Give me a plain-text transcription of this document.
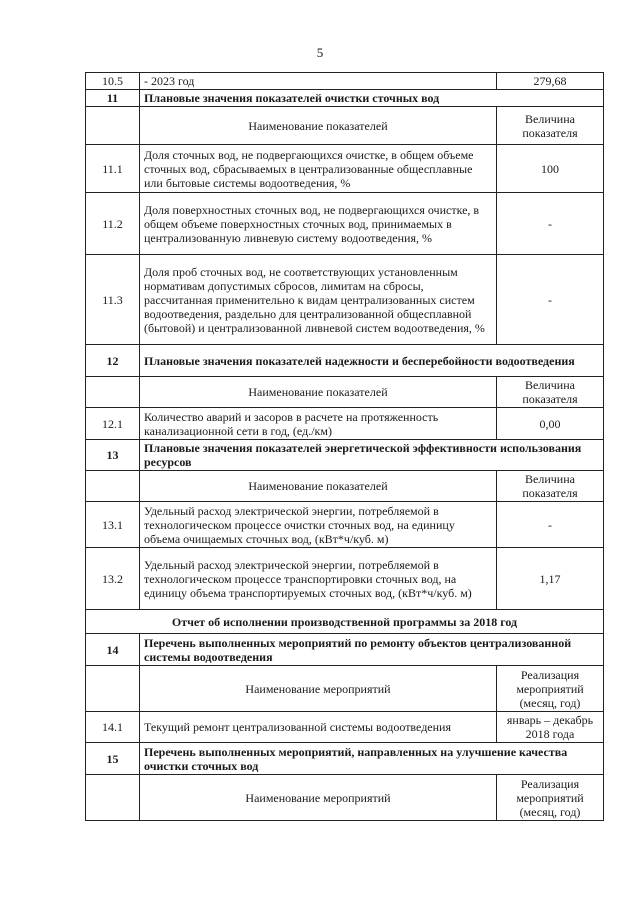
5
10.5	- 2023 год	279,68
11	Плановые значения показателей очистки сточных вод	
	Наименование показателей	Величина показателя
11.1	Доля сточных вод, не подвергающихся очистке, в общем объеме сточных вод, сбрасываемых в централизованные общесплавные или бытовые системы водоотведения, %	100
11.2	Доля поверхностных сточных вод, не подвергающихся очистке, в общем объеме поверхностных сточных вод, принимаемых в централизованную ливневую систему водоотведения, %	-
11.3	Доля проб сточных вод, не соответствующих установленным нормативам допустимых сбросов, лимитам на сбросы, рассчитанная применительно к видам централизованных систем водоотведения, раздельно для централизованной общесплавной (бытовой) и централизованной ливневой систем водоотведения, %	-
12	Плановые значения показателей надежности и бесперебойности водоотведения	
	Наименование показателей	Величина показателя
12.1	Количество аварий и засоров в расчете на протяженность канализационной сети в год, (ед./км)	0,00
13	Плановые значения показателей энергетической эффективности использования ресурсов	
	Наименование показателей	Величина показателя
13.1	Удельный расход электрической энергии, потребляемой в технологическом процессе очистки сточных вод, на единицу объема очищаемых сточных вод, (кВт*ч/куб. м)	-
13.2	Удельный расход электрической энергии, потребляемой в технологическом процессе транспортировки сточных вод, на единицу объема транспортируемых сточных вод, (кВт*ч/куб. м)	1,17
Отчет об исполнении производственной программы за 2018 год		
14	Перечень выполненных мероприятий по ремонту объектов централизованной системы водоотведения	
	Наименование мероприятий	Реализация мероприятий (месяц, год)
14.1	Текущий ремонт централизованной системы водоотведения	январь – декабрь 2018 года
15	Перечень выполненных мероприятий, направленных на улучшение качества очистки сточных вод	
	Наименование мероприятий	Реализация мероприятий (месяц, год)
